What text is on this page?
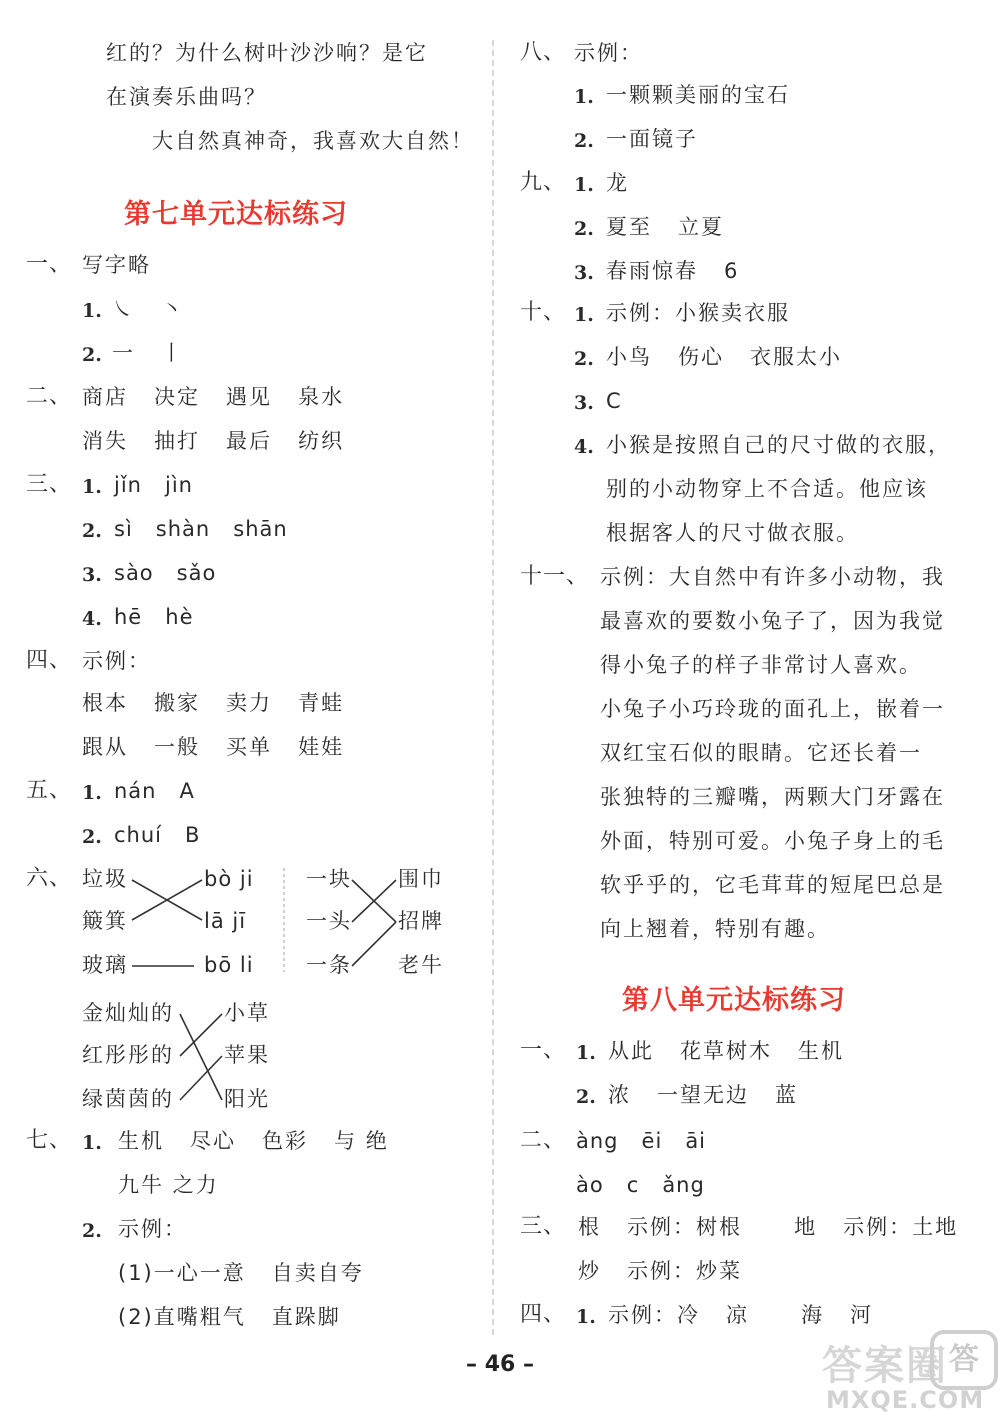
红的？为什么树叶沙沙响？是它
在演奏乐曲吗？
大自然真神奇，我喜欢大自然！
第七单元达标练习
一、 写字略
1. ㇏   ㇔
2. 一   丨
二、 商店   决定   遇见   泉水
消失   抽打   最后   纺织
三、 1. jǐn   jìn
2. sì   shàn   shān
3. sào   sǎo
4. hē   hè
四、 示例：
根本   搬家   卖力   青蛙
跟从   一般   买单   娃娃
五、 1. nán   A
2. chuí   B
六、 垃圾
簸箕
玻璃
bò ji
lā jī
bō li
一块
一头
一条
围巾
招牌
老牛
金灿灿的
红彤彤的
绿茵茵的
小草
苹果
阳光
七、 1. 生机   尽心   色彩   与 绝
九牛 之力
2. 示例：
(1)一心一意   自卖自夸
(2)直嘴粗气   直跺脚
八、 示例：
1. 一颗颗美丽的宝石
2. 一面镜子
九、 1. 龙
2. 夏至   立夏
3. 春雨惊春   6
十、 1. 示例：小猴卖衣服
2. 小鸟   伤心   衣服太小
3. C
4. 小猴是按照自己的尺寸做的衣服，
别的小动物穿上不合适。他应该
根据客人的尺寸做衣服。
十一、 示例：大自然中有许多小动物，我
最喜欢的要数小兔子了，因为我觉
得小兔子的样子非常讨人喜欢。
小兔子小巧玲珑的面孔上，嵌着一
双红宝石似的眼睛。它还长着一
张独特的三瓣嘴，两颗大门牙露在
外面，特别可爱。小兔子身上的毛
软乎乎的，它毛茸茸的短尾巴总是
向上翘着，特别有趣。
第八单元达标练习
一、 1. 从此   花草树木   生机
2. 浓   一望无边   蓝
二、 àng   ēi   āi
ào   c   ǎng
三、 根   示例：树根      地   示例：土地
炒   示例：炒菜
四、 1. 示例：冷   凉      海   河
– 46 –	答案圈 答
MXQE.COM
